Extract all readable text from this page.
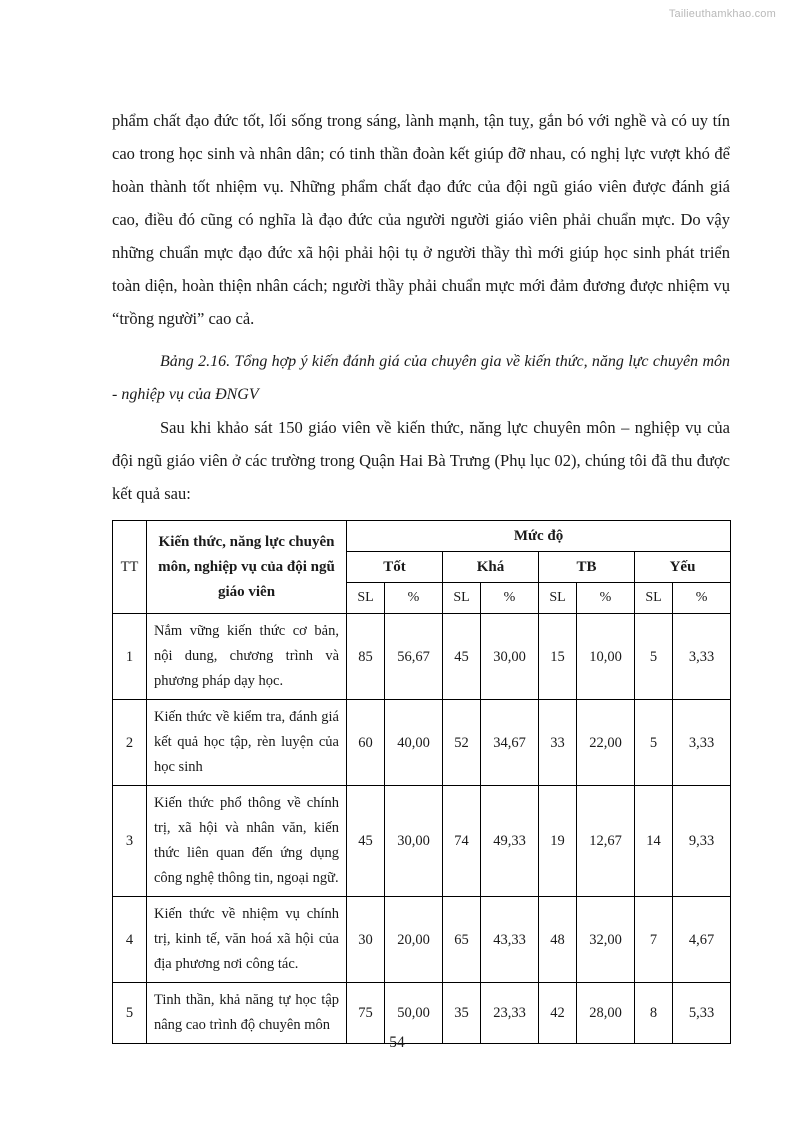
Tailieuthamkhao.com

phẩm chất đạo đức tốt, lối sống trong sáng, lành mạnh, tận tuỵ, gắn bó với nghề và có uy tín cao trong học sinh và nhân dân; có tinh thần đoàn kết giúp đỡ nhau, có nghị lực vượt khó để hoàn thành tốt nhiệm vụ. Những phẩm chất đạo đức của đội ngũ giáo viên được đánh giá cao, điều đó cũng có nghĩa là đạo đức của người người giáo viên phải chuẩn mực. Do vậy những chuẩn mực đạo đức xã hội phải hội tụ ở người thầy thì mới giúp học sinh phát triển toàn diện, hoàn thiện nhân cách; người thầy phải chuẩn mực mới đảm đương được nhiệm vụ “trồng người” cao cả.

Bảng 2.16. Tổng hợp ý kiến đánh giá của chuyên gia về kiến thức, năng lực chuyên môn - nghiệp vụ của ĐNGV

Sau khi khảo sát 150 giáo viên về kiến thức, năng lực chuyên môn – nghiệp vụ của đội ngũ giáo viên ở các trường trong Quận Hai Bà Trưng (Phụ lục 02), chúng tôi đã thu được kết quả sau:

TT	Kiến thức, năng lực chuyên môn, nghiệp vụ của đội ngũ giáo viên	Mức độ							
		Tốt		Khá		TB		Yếu	
		SL	%	SL	%	SL	%	SL	%
1	Nắm vững kiến thức cơ bản, nội dung, chương trình và phương pháp dạy học.	85	56,67	45	30,00	15	10,00	5	3,33
2	Kiến thức về kiểm tra, đánh giá kết quả học tập, rèn luyện của học sinh	60	40,00	52	34,67	33	22,00	5	3,33
3	Kiến thức phổ thông về chính trị, xã hội và nhân văn, kiến thức liên quan đến ứng dụng công nghệ thông tin, ngoại ngữ.	45	30,00	74	49,33	19	12,67	14	9,33
4	Kiến thức về nhiệm vụ chính trị, kinh tế, văn hoá xã hội của địa phương nơi công tác.	30	20,00	65	43,33	48	32,00	7	4,67
5	Tinh thần, khả năng tự học tập nâng cao trình độ chuyên môn	75	50,00	35	23,33	42	28,00	8	5,33
54
